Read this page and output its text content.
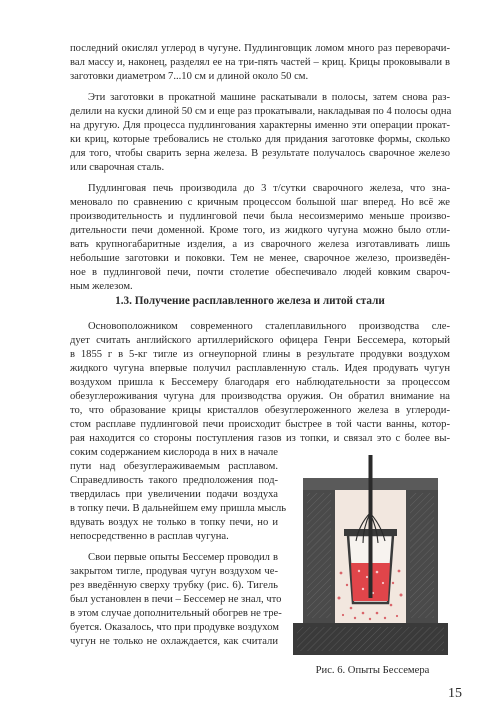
последний окислял углерод в чугуне. Пудлинговщик ломом много раз переворачи-
вал массу и, наконец, разделял ее на три-пять частей – криц. Крицы проковывали в
заготовки диаметром 7...10 см и длиной около 50 см.
Эти заготовки в прокатной машине раскатывали в полосы, затем снова раз-
делили на куски длиной 50 см и еще раз прокатывали, накладывая по 4 полосы одна
на другую. Для процесса пудлингования характерны именно эти операции прокат-
ки криц, которые требовались не столько для придания заготовке формы, сколько
для того, чтобы сварить зерна железа. В результате получалось сварочное железо
или сварочная сталь.
Пудлинговая печь производила до 3 т/сутки сварочного железа, что зна-
меновало по сравнению с кричным процессом большой шаг вперед. Но всё же
производительность и пудлинговой печи была несоизмеримо меньше произво-
дительности печи доменной. Кроме того, из жидкого чугуна можно было отли-
вать крупногабаритные изделия, а из сварочного железа изготавливать лишь
небольшие заготовки и поковки. Тем не менее, сварочное железо, произведён-
ное в пудлинговой печи, почти столетие обеспечивало людей ковким свароч-
ным железом.
1.3. Получение расплавленного железа и литой стали
Основоположником современного сталеплавильного производства сле-
дует считать английского артиллерийского офицера Генри Бессемера, который
в 1855 г в 5-кг тигле из огнеупорной глины в результате продувки воздухом
жидкого чугуна впервые получил расплавленную сталь. Идея продувать чугун
воздухом пришла к Бессемеру благодаря его наблюдательности за процессом
обезуглероживания чугуна для производства оружия. Он обратил внимание на
то, что образование крицы кристаллов обезуглероженного железа в углероди-
стом расплаве пудлинговой печи происходит быстрее в той части ванны, котор-
рая находится со стороны поступления газов из топки, и связал это с более вы-
соким содержанием кислорода в них в начале
пути над обезуглераживаемым расплавом.
Справедливость такого предположения под-
твердилась при увеличении подачи воздуха
в топку печи. В дальнейшем ему пришла мысль
вдувать воздух не только в топку печи, но и
непосредственно в расплав чугуна.
Свои первые опыты Бессемер проводил в
закрытом тигле, продувая чугун воздухом че-
рез введённую сверху трубку (рис. 6). Тигель
был установлен в печи – Бессемер не знал, что
в этом случае дополнительный обогрев не тре-
буется. Оказалось, что при продувке воздухом
чугун не только не охлаждается, как считали
Рис. 6. Опыты Бессемера
15
